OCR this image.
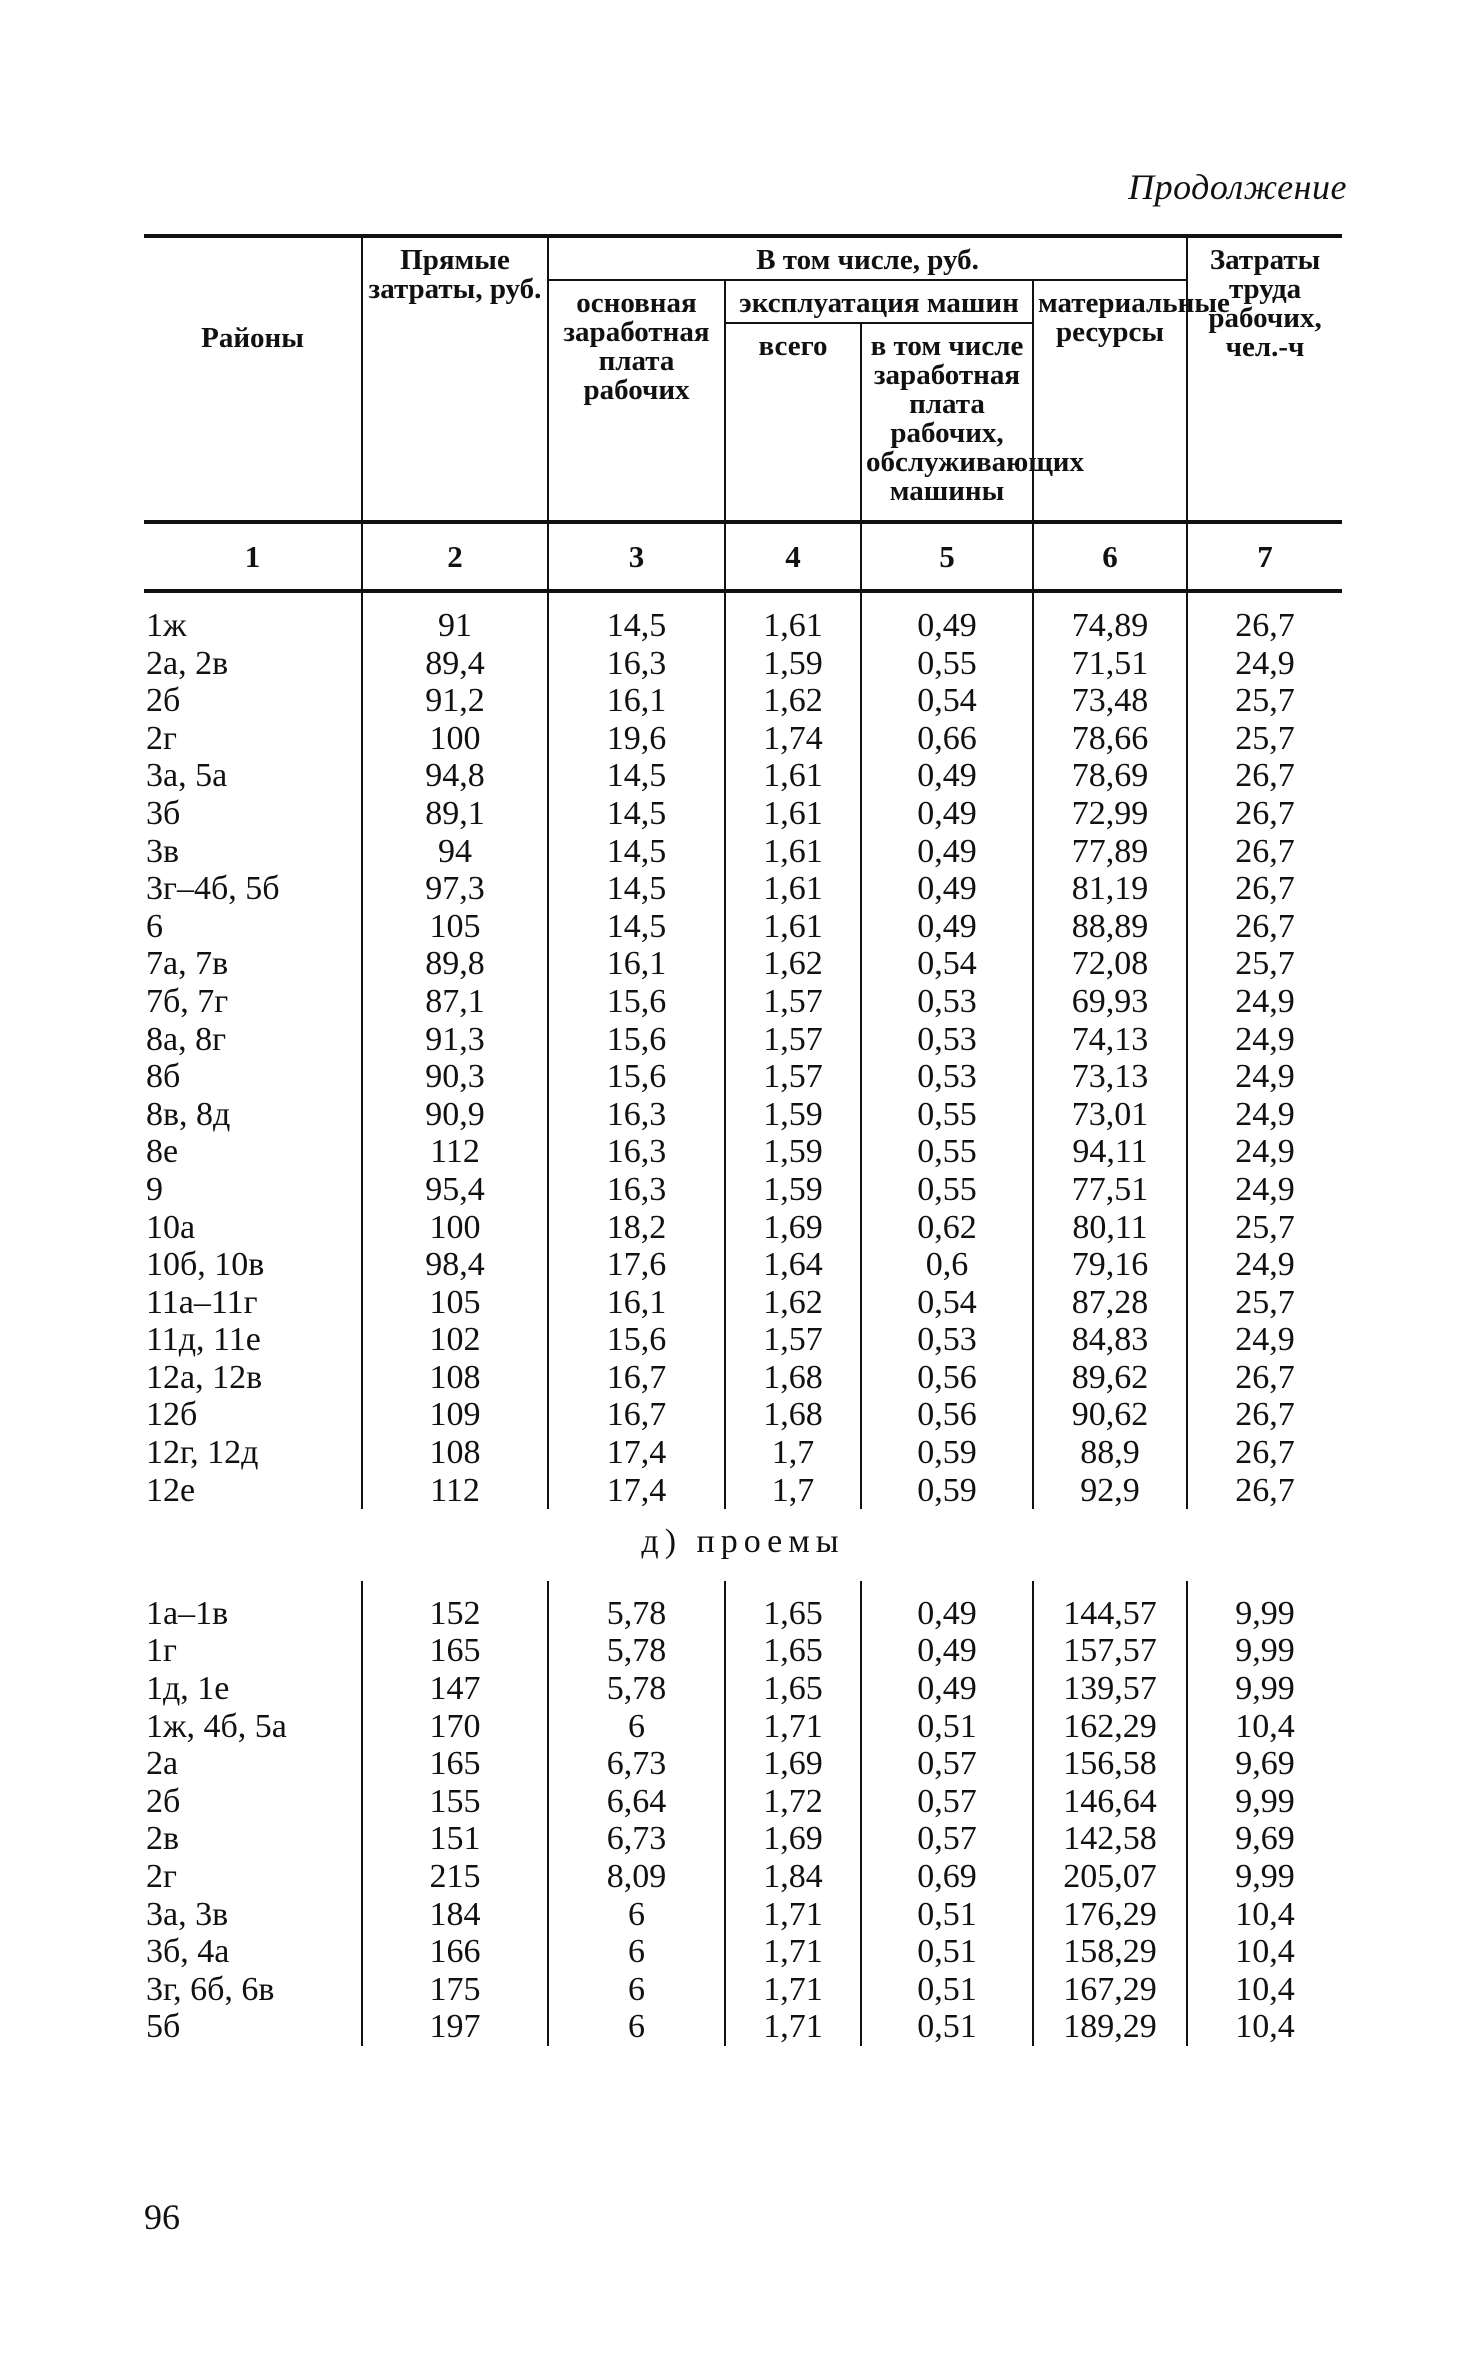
Продолжение
Районы	Прямые затраты, руб.	В том числе, руб.				Затраты труда рабочих, чел.-ч
		основная заработная плата рабочих	эксплуатация машин		материальные ресурсы	
			всего	в том числе заработная плата рабочих, обслуживающих машины		
1	2	3	4	5	6	7
1ж	91	14,5	1,61	0,49	74,89	26,7
2а, 2в	89,4	16,3	1,59	0,55	71,51	24,9
2б	91,2	16,1	1,62	0,54	73,48	25,7
2г	100	19,6	1,74	0,66	78,66	25,7
3а, 5а	94,8	14,5	1,61	0,49	78,69	26,7
3б	89,1	14,5	1,61	0,49	72,99	26,7
3в	94	14,5	1,61	0,49	77,89	26,7
3г–4б, 5б	97,3	14,5	1,61	0,49	81,19	26,7
6	105	14,5	1,61	0,49	88,89	26,7
7а, 7в	89,8	16,1	1,62	0,54	72,08	25,7
7б, 7г	87,1	15,6	1,57	0,53	69,93	24,9
8а, 8г	91,3	15,6	1,57	0,53	74,13	24,9
8б	90,3	15,6	1,57	0,53	73,13	24,9
8в, 8д	90,9	16,3	1,59	0,55	73,01	24,9
8е	112	16,3	1,59	0,55	94,11	24,9
9	95,4	16,3	1,59	0,55	77,51	24,9
10а	100	18,2	1,69	0,62	80,11	25,7
10б, 10в	98,4	17,6	1,64	0,6	79,16	24,9
11а–11г	105	16,1	1,62	0,54	87,28	25,7
11д, 11е	102	15,6	1,57	0,53	84,83	24,9
12а, 12в	108	16,7	1,68	0,56	89,62	26,7
12б	109	16,7	1,68	0,56	90,62	26,7
12г, 12д	108	17,4	1,7	0,59	88,9	26,7
12е	112	17,4	1,7	0,59	92,9	26,7
д) проемы						
1а–1в	152	5,78	1,65	0,49	144,57	9,99
1г	165	5,78	1,65	0,49	157,57	9,99
1д, 1е	147	5,78	1,65	0,49	139,57	9,99
1ж, 4б, 5а	170	6	1,71	0,51	162,29	10,4
2а	165	6,73	1,69	0,57	156,58	9,69
2б	155	6,64	1,72	0,57	146,64	9,99
2в	151	6,73	1,69	0,57	142,58	9,69
2г	215	8,09	1,84	0,69	205,07	9,99
3а, 3в	184	6	1,71	0,51	176,29	10,4
3б, 4а	166	6	1,71	0,51	158,29	10,4
3г, 6б, 6в	175	6	1,71	0,51	167,29	10,4
5б	197	6	1,71	0,51	189,29	10,4
96
